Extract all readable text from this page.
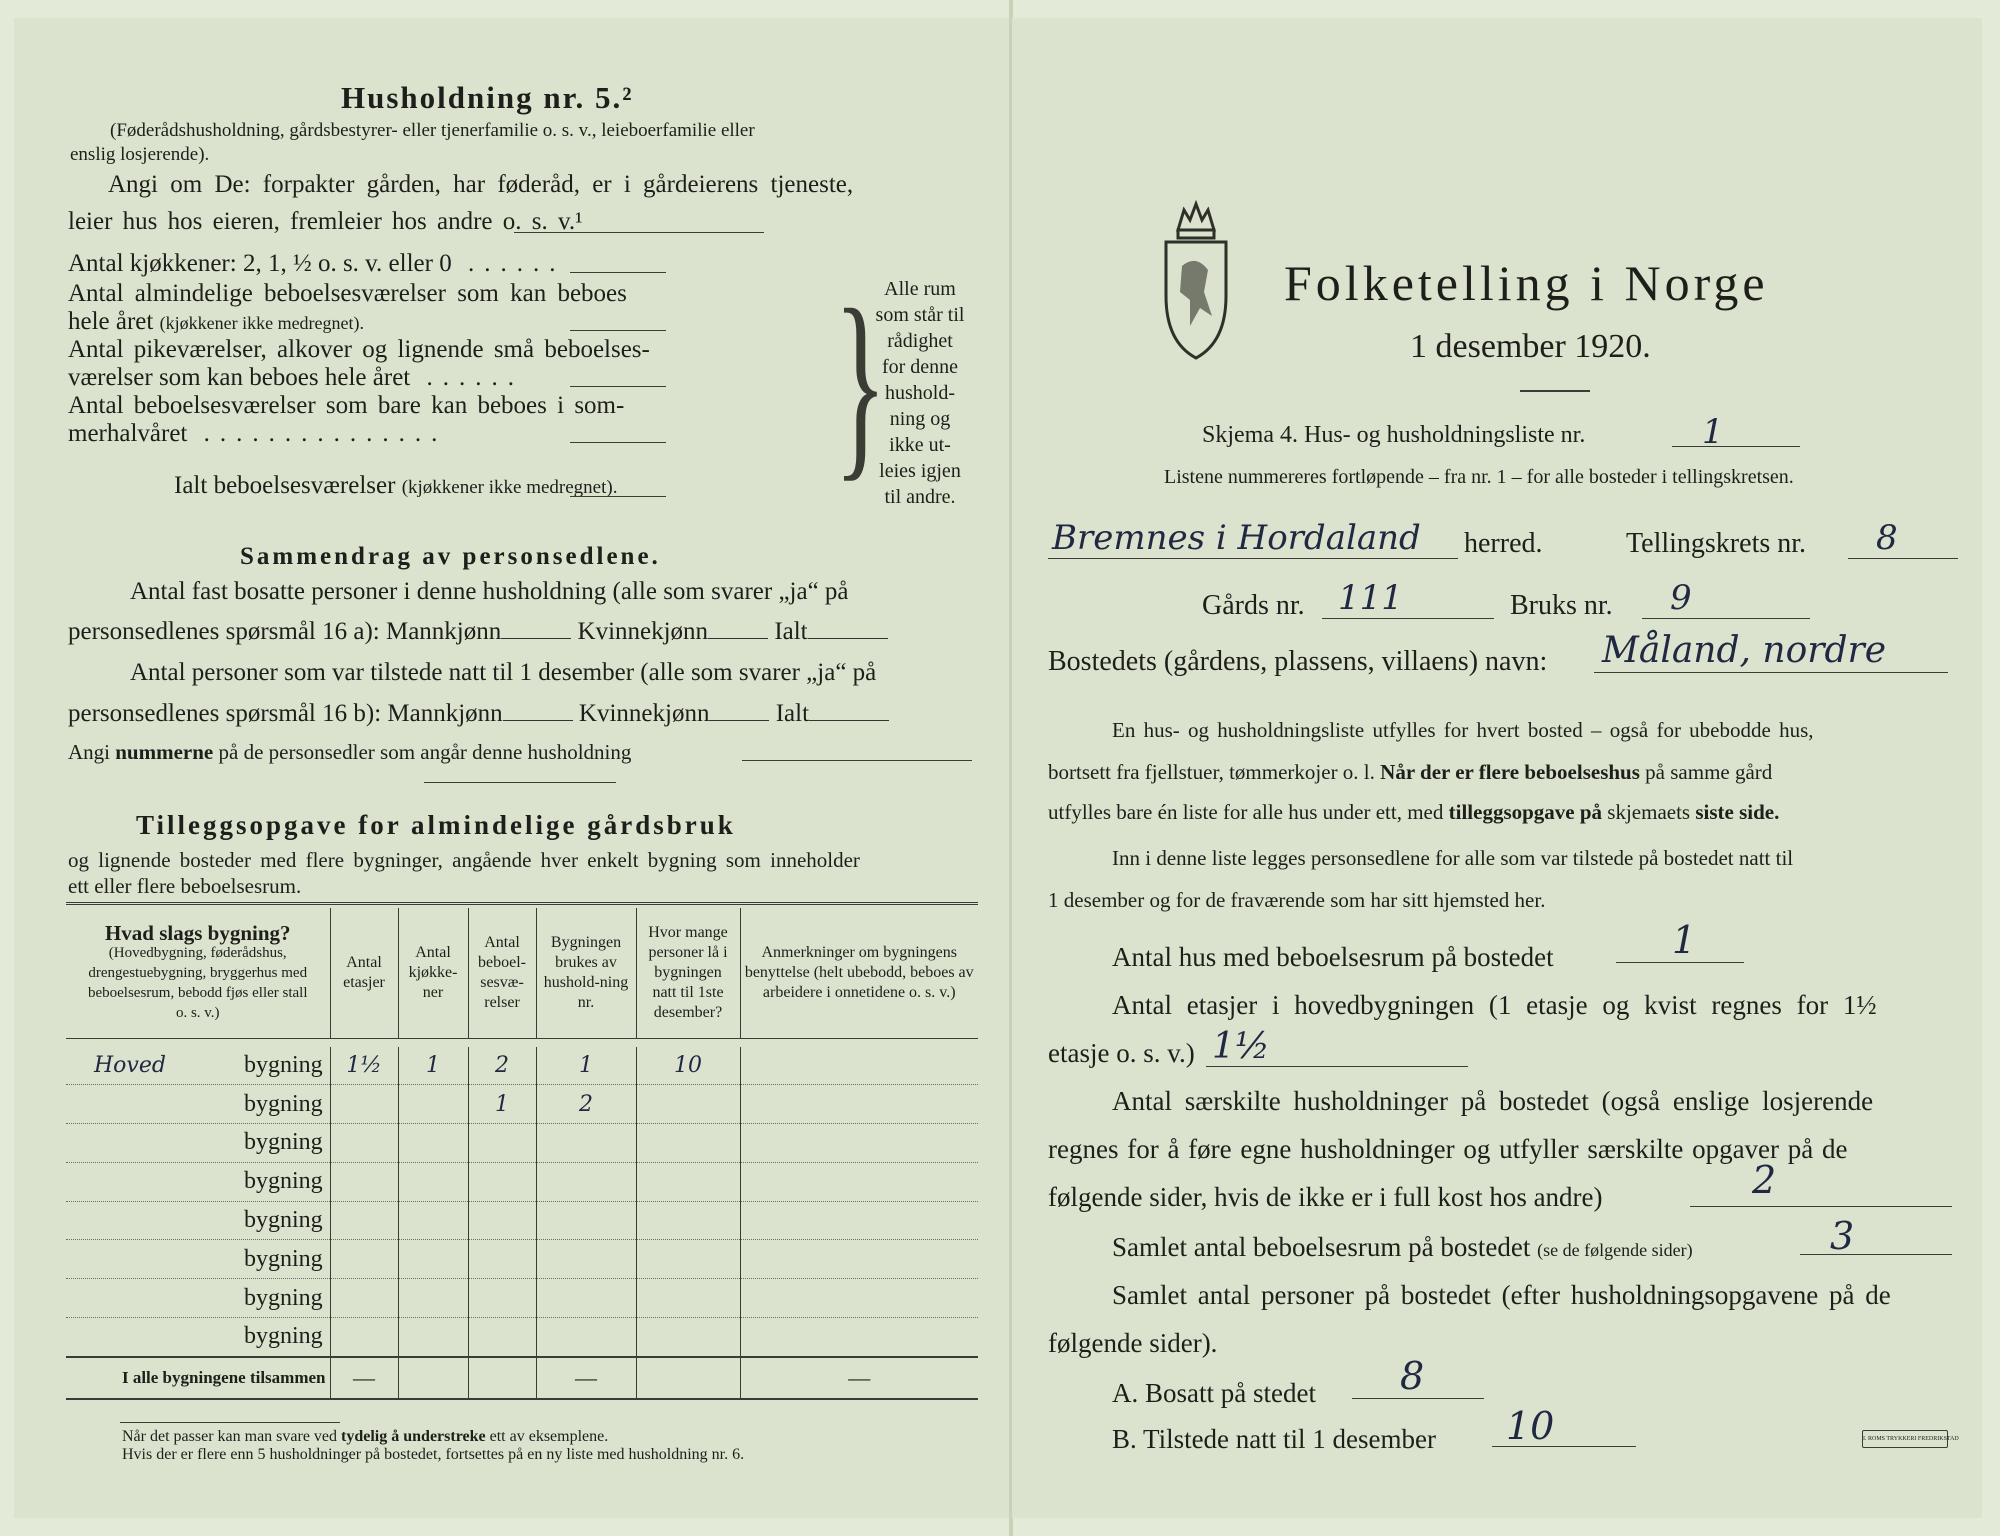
Husholdning nr. 5.²
(Føderådshusholdning, gårdsbestyrer- eller tjenerfamilie o. s. v., leieboerfamilie eller
enslig losjerende).
Angi om De: forpakter gården, har føderåd, er i gårdeierens tjeneste,
leier hus hos eieren, fremleier hos andre o. s. v.¹
Antal kjøkkener: 2, 1, ½ o. s. v. eller 0 ......
Antal almindelige beboelsesværelser som kan beboes
hele året (kjøkkener ikke medregnet).
Antal pikeværelser, alkover og lignende små beboelses-
værelser som kan beboes hele året ......
Antal beboelsesværelser som bare kan beboes i som-
merhalvåret ...............
Ialt beboelsesværelser (kjøkkener ikke medregnet). }
Alle rum
som står til
rådighet
for denne
hushold-
ning og
ikke ut-
leies igjen
til andre.
Sammendrag av personsedlene.
Antal fast bosatte personer i denne husholdning (alle som svarer „ja“ på
personsedlenes spørsmål 16 a): Mannkjønn	Kvinnekjønn	Ialt
Antal personer som var tilstede natt til 1 desember (alle som svarer „ja“ på
personsedlenes spørsmål 16 b): Mannkjønn	Kvinnekjønn	Ialt
Angi nummerne på de personsedler som angår denne husholdning
Tilleggsopgave for almindelige gårdsbruk
og lignende bosteder med flere bygninger, angående hver enkelt bygning som inneholder
ett eller flere beboelsesrum.
Hvad slags bygning?
(Hovedbygning, føderådshus, drengestuebygning, bryggerhus med beboelsesrum, bebodd fjøs eller stall o. s. v.)	Antal etasjer	Antal kjøkke-ner	Antal beboel-sesvæ-relser	Bygningen brukes av hushold-ning nr.	Hvor mange personer lå i bygningen natt til 1ste desember?	Anmerkninger om bygningens benyttelse (helt ubebodd, beboes av arbeidere i onnetidene o. s. v.)

Hoved bygning	1½	1	2	1	10	
bygning			1	2		
bygning						
bygning						
bygning						
bygning						
bygning						
bygning						
I alle bygningene tilsammen	—			—		—
Når det passer kan man svare ved tydelig å understreke ett av eksemplene.
Hvis der er flere enn 5 husholdninger på bostedet, fortsettes på en ny liste med husholdning nr. 6.
Folketelling i Norge
1 desember 1920.
Skjema 4. Hus- og husholdningsliste nr.	1
Listene nummereres fortløpende – fra nr. 1 – for alle bosteder i tellingskretsen.
Bremnes i Hordaland herred.	Tellingskrets nr. 8
Gårds nr. 111	Bruks nr. 9
Bostedets (gårdens, plassens, villaens) navn: Måland, nordre
En hus- og husholdningsliste utfylles for hvert bosted – også for ubebodde hus,
bortsett fra fjellstuer, tømmerkojer o. l. Når der er flere beboelseshus på samme gård
utfylles bare én liste for alle hus under ett, med tilleggsopgave på skjemaets siste side.
Inn i denne liste legges personsedlene for alle som var tilstede på bostedet natt til
1 desember og for de fraværende som har sitt hjemsted her.
Antal hus med beboelsesrum på bostedet	1
Antal etasjer i hovedbygningen (1 etasje og kvist regnes for 1½
etasje o. s. v.) 1½
Antal særskilte husholdninger på bostedet (også enslige losjerende
regnes for å føre egne husholdninger og utfyller særskilte opgaver på de
følgende sider, hvis de ikke er i full kost hos andre)	2
Samlet antal beboelsesrum på bostedet (se de følgende sider)	3
Samlet antal personer på bostedet (efter husholdningsopgavene på de
følgende sider).
A. Bosatt på stedet 8
B. Tilstede natt til 1 desember 10	I. ROMS TRYKKERI FREDRIKSTAD
